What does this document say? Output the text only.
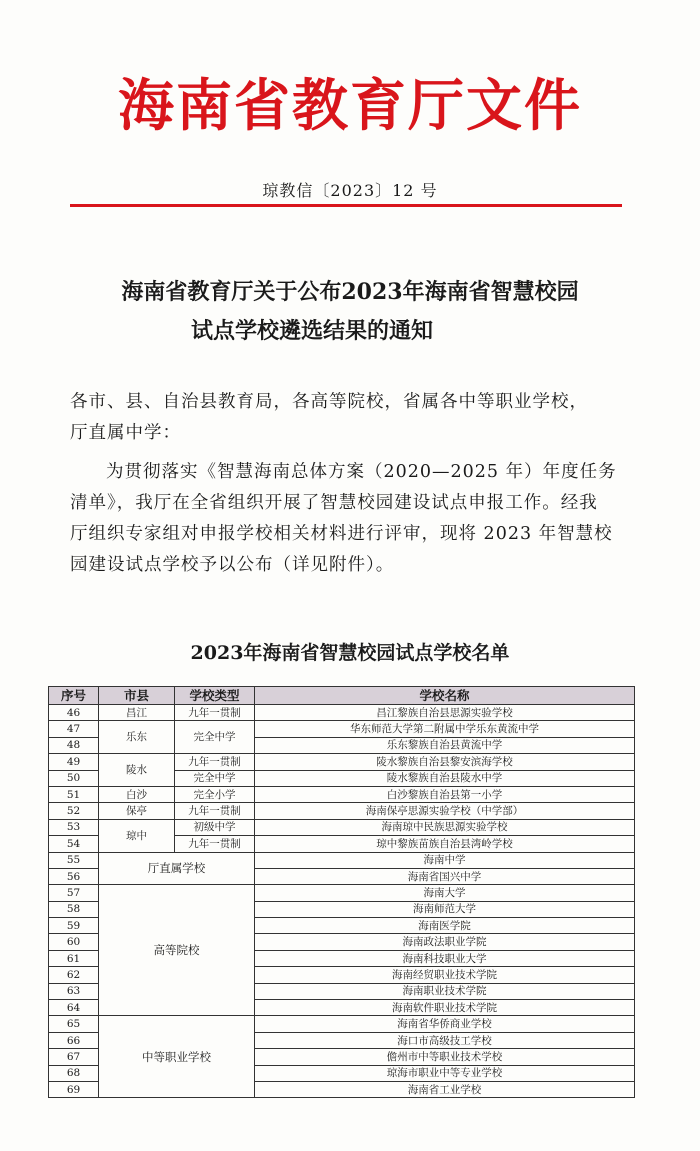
海南省教育厅文件
琼教信〔2023〕12 号
海南省教育厅关于公布2023年海南省智慧校园
试点学校遴选结果的通知
各市、县、自治县教育局，各高等院校，省属各中等职业学校，
厅直属中学：
为贯彻落实《智慧海南总体方案（2020—2025 年）年度任务
清单》，我厅在全省组织开展了智慧校园建设试点申报工作。经我
厅组织专家组对申报学校相关材料进行评审，现将 2023 年智慧校
园建设试点学校予以公布（详见附件）。
2023年海南省智慧校园试点学校名单
序号	市县	学校类型	学校名称
46	昌江	九年一贯制	昌江黎族自治县思源实验学校
47	乐东	完全中学	华东师范大学第二附属中学乐东黄流中学
48			乐东黎族自治县黄流中学
49	陵水	九年一贯制	陵水黎族自治县黎安滨海学校
50		完全中学	陵水黎族自治县陵水中学
51	白沙	完全小学	白沙黎族自治县第一小学
52	保亭	九年一贯制	海南保亭思源实验学校（中学部）
53	琼中	初级中学	海南琼中民族思源实验学校
54		九年一贯制	琼中黎族苗族自治县湾岭学校
55	厅直属学校		海南中学
56			海南省国兴中学
57	高等院校		海南大学
58			海南师范大学
59			海南医学院
60			海南政法职业学院
61			海南科技职业大学
62			海南经贸职业技术学院
63			海南职业技术学院
64			海南软件职业技术学院
65	中等职业学校		海南省华侨商业学校
66			海口市高级技工学校
67			儋州市中等职业技术学校
68			琼海市职业中等专业学校
69			海南省工业学校
